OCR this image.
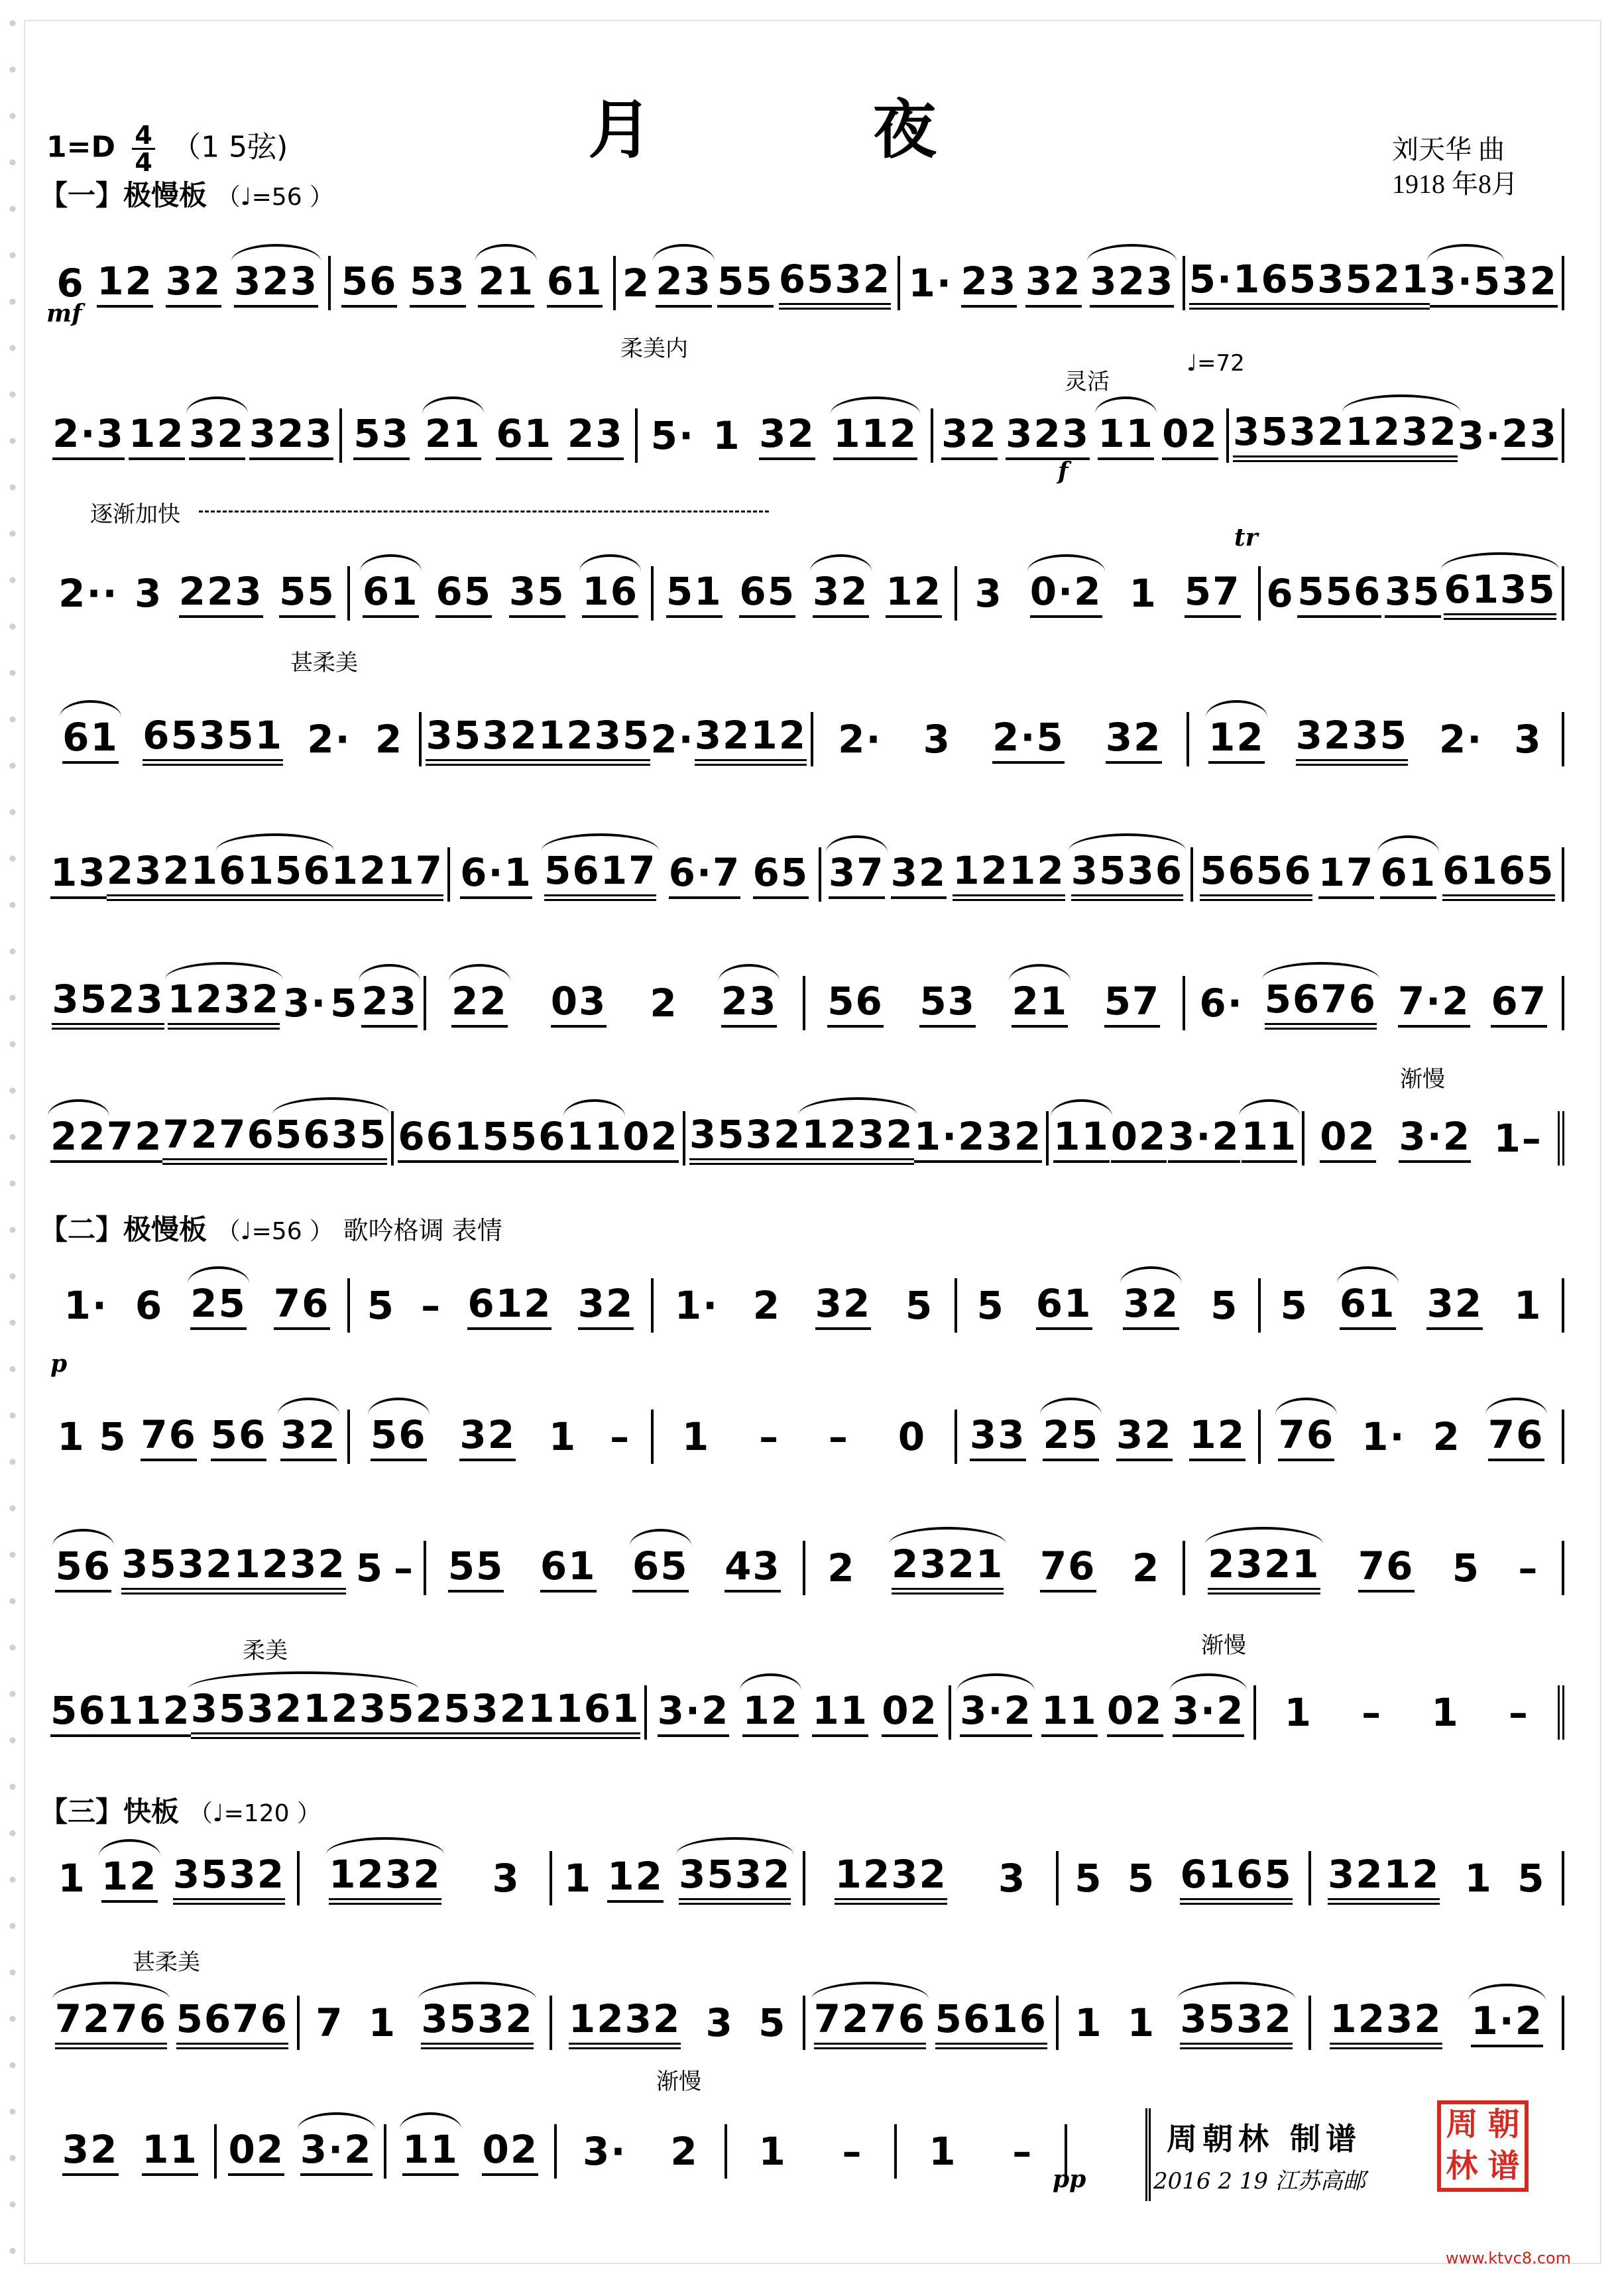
月 夜
$1=D \frac{4}{4} (1$ 5弦)	刘天华 曲
1918 年8月
【一】极慢板 （♩=56 ）
【二】极慢板 （♩=56 ） 歌吟格调 表情
【三】快板 （♩=120 ）
柔美内
灵活
♩=72
逐渐加快
甚柔美
渐慢
柔美	渐慢
甚柔美
渐慢
mf
f
p
pp
tr
6 12 32 323 56 53 21 61 2 23 55 6532 1· 23 32 323 5·165 3521 3·5 32
2·3 12 32 323 53 21 61 23 5· 1 32 112 32 323 11 02 3532 1232 3· 23
2·· 3 223 55 61 65 35 16 51 65 32 12 3 0·2 1 57 6 556 35 6135
61 65351 2· 2 3532 1235 2· 3212 2· 3 2·5 32 12 3235 2· 3
13 2321 6156 1217 6·1 5617 6·7 65 37 32 1212 3536 5656 17 61 6165
3523 1232 3· 5 23 22 03 2 23 56 53 21 57 6· 5676 7·2 67
22 72 7276 5635 661 556 11 02 3532 1232 1·2 32 11 02 3·2 11 02 3·2 1–
1· 6 25 76 5 – 612 32 1· 2 32 5 5 61 32 5 5 61 32 1
1 5 76 56 32 56 32 1 – 1 – – 0 33 25 32 12 76 1· 2 76
56 35321232 5 – 55 61 65 43 2 2321 76 2 2321 76 5 –
56 112 35321235 25321161 3·2 12 11 02 3·2 11 02 3·2 1 – 1 –
1 12 3532 1232 3 1 12 3532 1232 3 5 5 6165 3212 1 5
7276 5676 7 1 3532 1232 3 5 7276 5616 1 1 3532 1232 1·2
32 11 02 3·2 11 02 3· 2 1 – 1 –	周朝林 制谱
2016 2 19 江苏高邮
周 朝
林 谱
www.ktvc8.com
